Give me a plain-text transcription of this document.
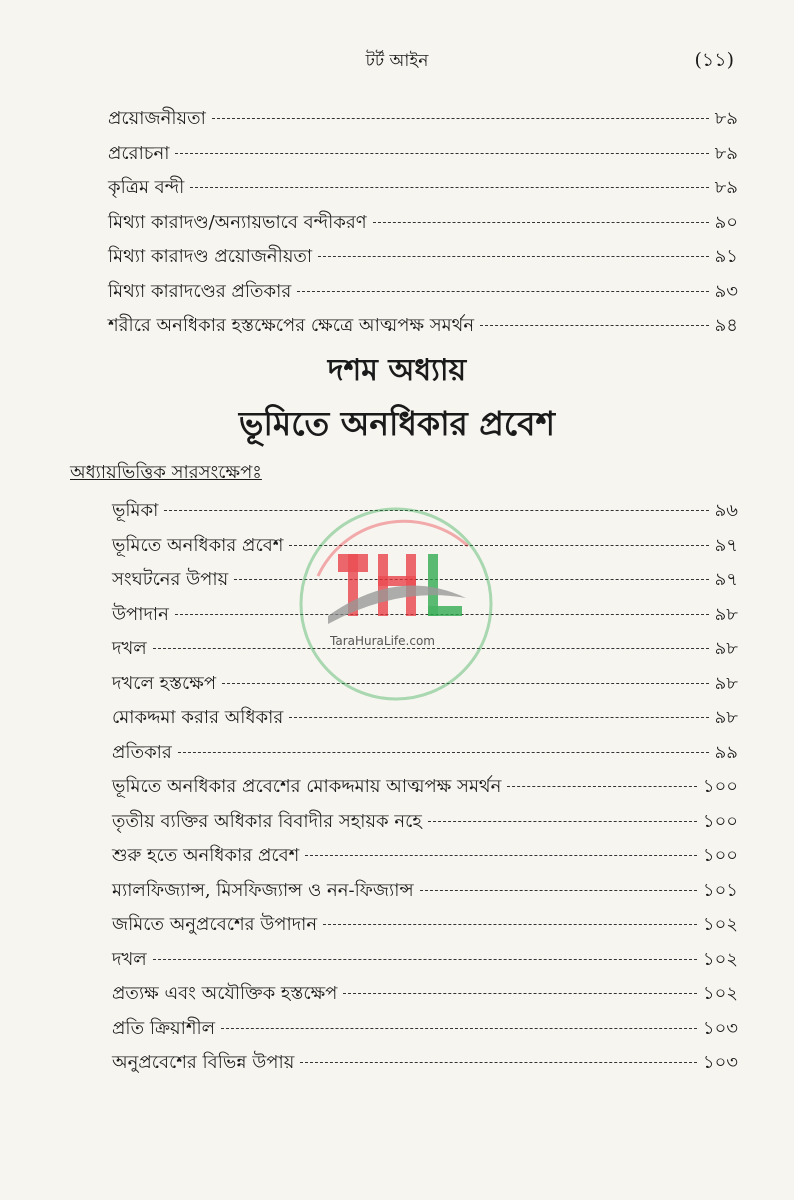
টর্ট আইন	(১১)
প্রয়োজনীয়তা	৮৯
প্ররোচনা	৮৯
কৃত্রিম বন্দী	৮৯
মিথ্যা কারাদণ্ড/অন্যায়ভাবে বন্দীকরণ	৯০
মিথ্যা কারাদণ্ড প্রয়োজনীয়তা	৯১
মিথ্যা কারাদণ্ডের প্রতিকার	৯৩
শরীরে অনধিকার হস্তক্ষেপের ক্ষেত্রে আত্মপক্ষ সমর্থন	৯৪
দশম অধ্যায়
ভূমিতে অনধিকার প্রবেশ
অধ্যায়ভিত্তিক সারসংক্ষেপঃ
ভূমিকা	৯৬
ভূমিতে অনধিকার প্রবেশ	৯৭
সংঘটনের উপায়	৯৭
উপাদান	৯৮
দখল	৯৮
দখলে হস্তক্ষেপ	৯৮
মোকদ্দমা করার অধিকার	৯৮
প্রতিকার	৯৯
ভূমিতে অনধিকার প্রবেশের মোকদ্দমায় আত্মপক্ষ সমর্থন	১০০
তৃতীয় ব্যক্তির অধিকার বিবাদীর সহায়ক নহে	১০০
শুরু হতে অনধিকার প্রবেশ	১০০
ম্যালফিজ্যান্স, মিসফিজ্যান্স ও নন-ফিজ্যান্স	১০১
জমিতে অনুপ্রবেশের উপাদান	১০২
দখল	১০২
প্রত্যক্ষ এবং অযৌক্তিক হস্তক্ষেপ	১০২
প্রতি ক্রিয়াশীল	১০৩
অনুপ্রবেশের বিভিন্ন উপায়	১০৩
TaraHuraLife.com
